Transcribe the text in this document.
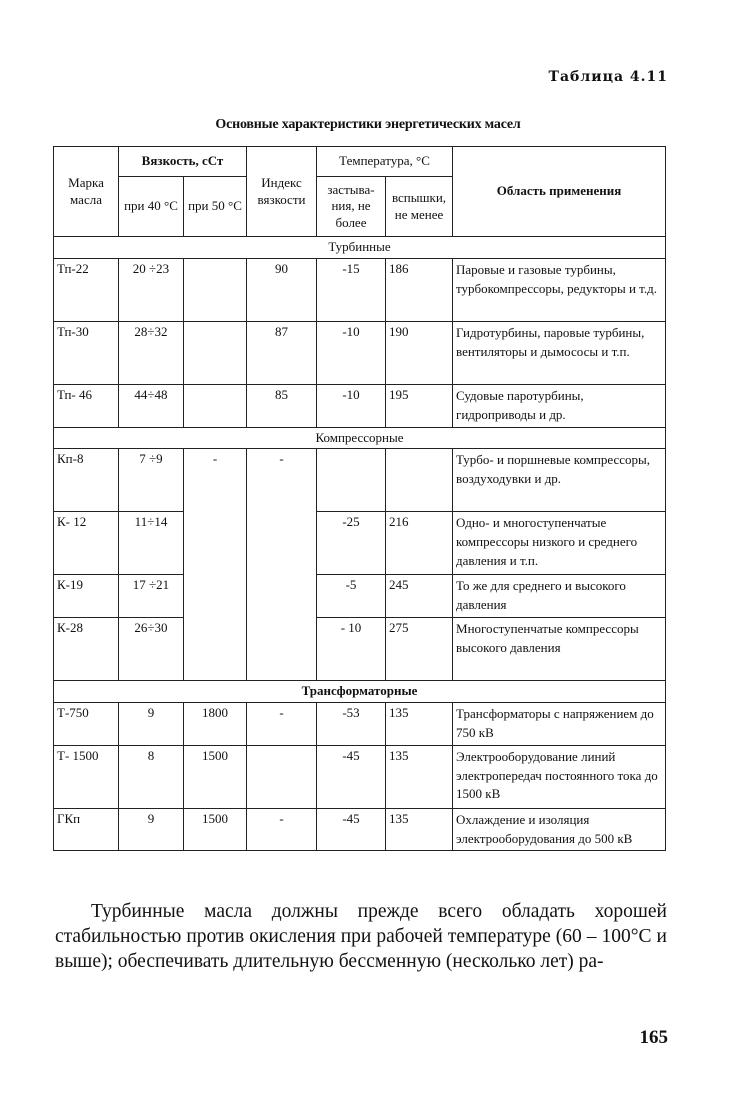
Таблица 4.11
Основные характеристики энергетических масел
Марка масла	Вязкость, сСт		Индекс вязкости	Температура, °С		Область применения
	при 40 °С	при 50 °С		застыва-ния, не более	вспышки, не менее	
Турбинные						
Тп-22	20 ÷23		90	-15	186	Паровые и газовые турбины, турбокомпрессоры, редукторы и т.д.
Тп-30	28÷32		87	-10	190	Гидротурбины, паровые турбины, вентиляторы и дымососы и т.п.
Тп- 46	44÷48		85	-10	195	Судовые паротурбины, гидроприводы и др.
Компрессорные						
Кп-8	7 ÷9	-	-			Турбо- и поршневые компрессоры, воздуходувки и др.
К- 12	11÷14			-25	216	Одно- и многоступенчатые компрессоры низкого и среднего давления и т.п.
К-19	17 ÷21			-5	245	То же для среднего и высокого давления
К-28	26÷30			- 10	275	Многоступенчатые компрессоры высокого давления
Трансформаторные						
Т-750	9	1800	-	-53	135	Трансформаторы с напряжением до 750 кВ
Т- 1500	8	1500		-45	135	Электрооборудование линий электропередач постоянного тока до 1500 кВ
ГКп	9	1500	-	-45	135	Охлаждение и изоляция электрооборудования до 500 кВ

Турбинные масла должны прежде всего обладать хорошей стабильностью против окисления при рабочей температуре (60 – 100°С и выше); обеспечивать длительную бессменную (несколько лет) ра-

165
